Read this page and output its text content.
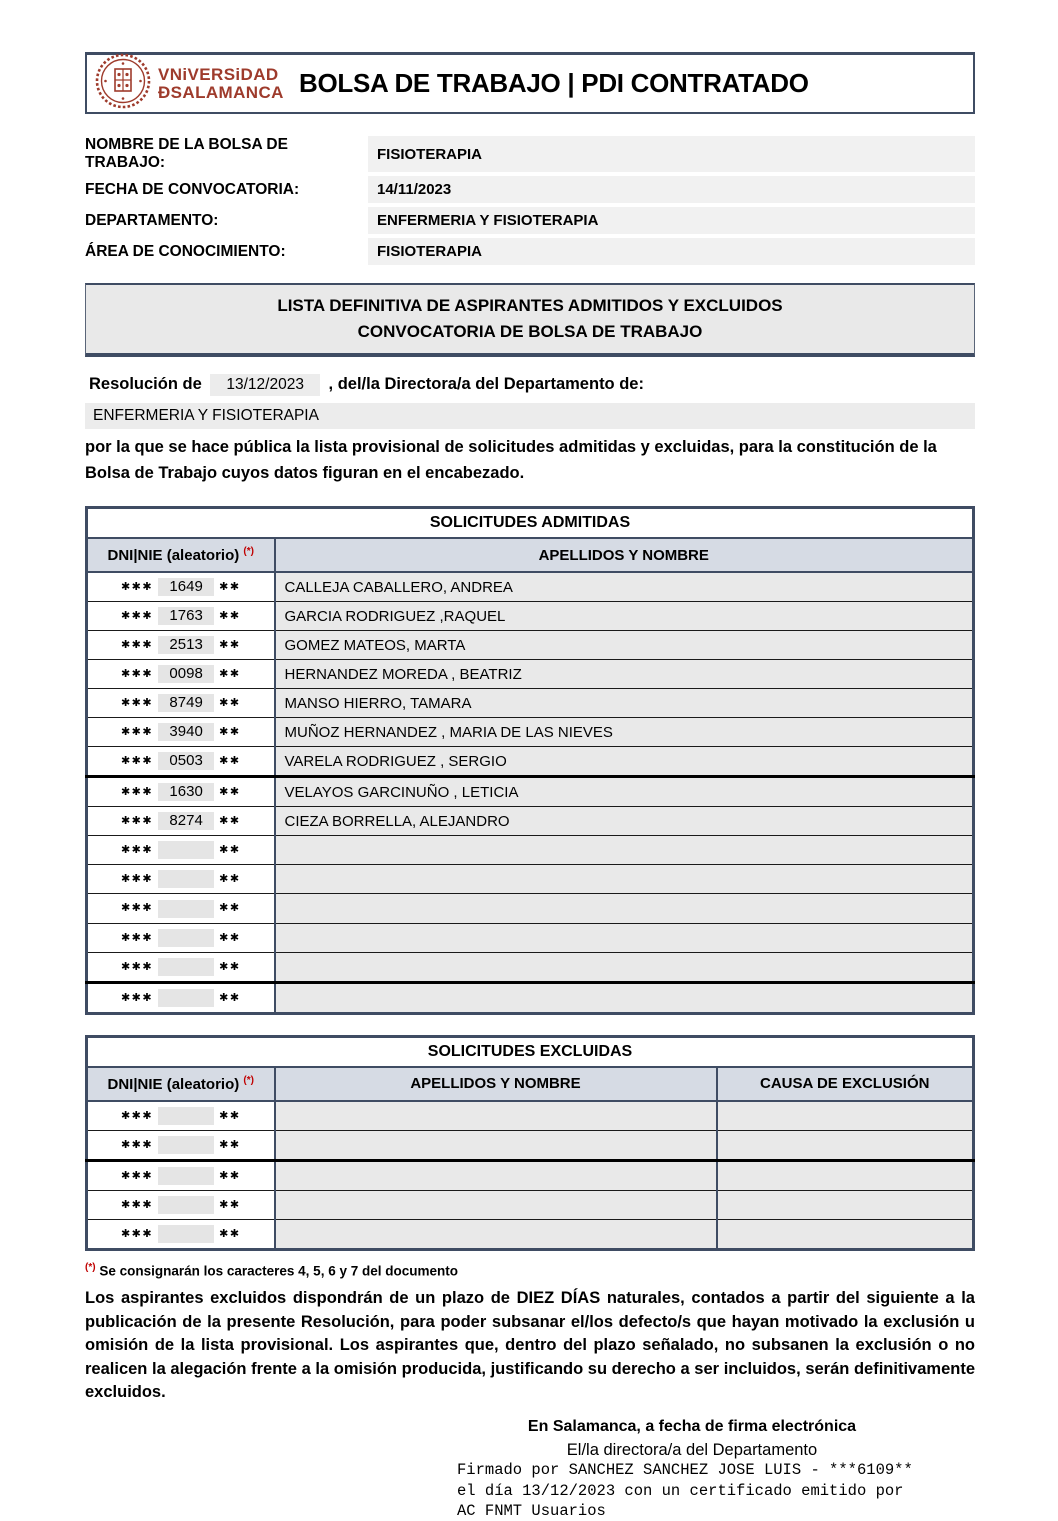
VNiVERSiDAD
ÐSALAMANCA BOLSA DE TRABAJO | PDI CONTRATADO
NOMBRE DE LA BOLSA DE TRABAJO:	FISIOTERAPIA
FECHA DE CONVOCATORIA:	14/11/2023
DEPARTAMENTO:	ENFERMERIA Y FISIOTERAPIA
ÁREA DE CONOCIMIENTO:	FISIOTERAPIA
LISTA DEFINITIVA DE ASPIRANTES ADMITIDOS Y EXCLUIDOS
CONVOCATORIA DE BOLSA DE TRABAJO
Resolución de 13/12/2023 , del/la Directora/a del Departamento de:
ENFERMERIA Y FISIOTERAPIA
por la que se hace pública la lista provisional de solicitudes admitidas y excluidas, para la constitución de la Bolsa de Trabajo cuyos datos figuran en el encabezado.
SOLICITUDES ADMITIDAS	
DNI|NIE (aleatorio) (*)	APELLIDOS Y NOMBRE
✱✱✱ 1649 ✱✱	CALLEJA CABALLERO, ANDREA
✱✱✱ 1763 ✱✱	GARCIA RODRIGUEZ ,RAQUEL
✱✱✱ 2513 ✱✱	GOMEZ MATEOS, MARTA
✱✱✱ 0098 ✱✱	HERNANDEZ MOREDA , BEATRIZ
✱✱✱ 8749 ✱✱	MANSO HIERRO, TAMARA
✱✱✱ 3940 ✱✱	MUÑOZ HERNANDEZ , MARIA DE LAS NIEVES
✱✱✱ 0503 ✱✱	VARELA RODRIGUEZ , SERGIO
✱✱✱ 1630 ✱✱	VELAYOS GARCINUÑO , LETICIA
✱✱✱ 8274 ✱✱	CIEZA BORRELLA, ALEJANDRO
✱✱✱ ✱✱	
✱✱✱ ✱✱	
✱✱✱ ✱✱	
✱✱✱ ✱✱	
✱✱✱ ✱✱	
✱✱✱ ✱✱	
SOLICITUDES EXCLUIDAS		
DNI|NIE (aleatorio) (*)	APELLIDOS Y NOMBRE	CAUSA DE EXCLUSIÓN
✱✱✱ ✱✱		
✱✱✱ ✱✱		
✱✱✱ ✱✱		
✱✱✱ ✱✱		
✱✱✱ ✱✱		
(*) Se consignarán los caracteres 4, 5, 6 y 7 del documento
Los aspirantes excluidos dispondrán de un plazo de DIEZ DÍAS naturales, contados a partir del siguiente a la publicación de la presente Resolución, para poder subsanar el/los defecto/s que hayan motivado la exclusión u omisión de la lista provisional. Los aspirantes que, dentro del plazo señalado, no subsanen la exclusión o no realicen la alegación frente a la omisión producida, justificando su derecho a ser incluidos, serán definitivamente excluidos.
En Salamanca, a fecha de firma electrónica
El/la directora/a del Departamento
Firmado por SANCHEZ SANCHEZ JOSE LUIS - ***6109**
el día 13/12/2023 con un certificado emitido por
AC FNMT Usuarios
